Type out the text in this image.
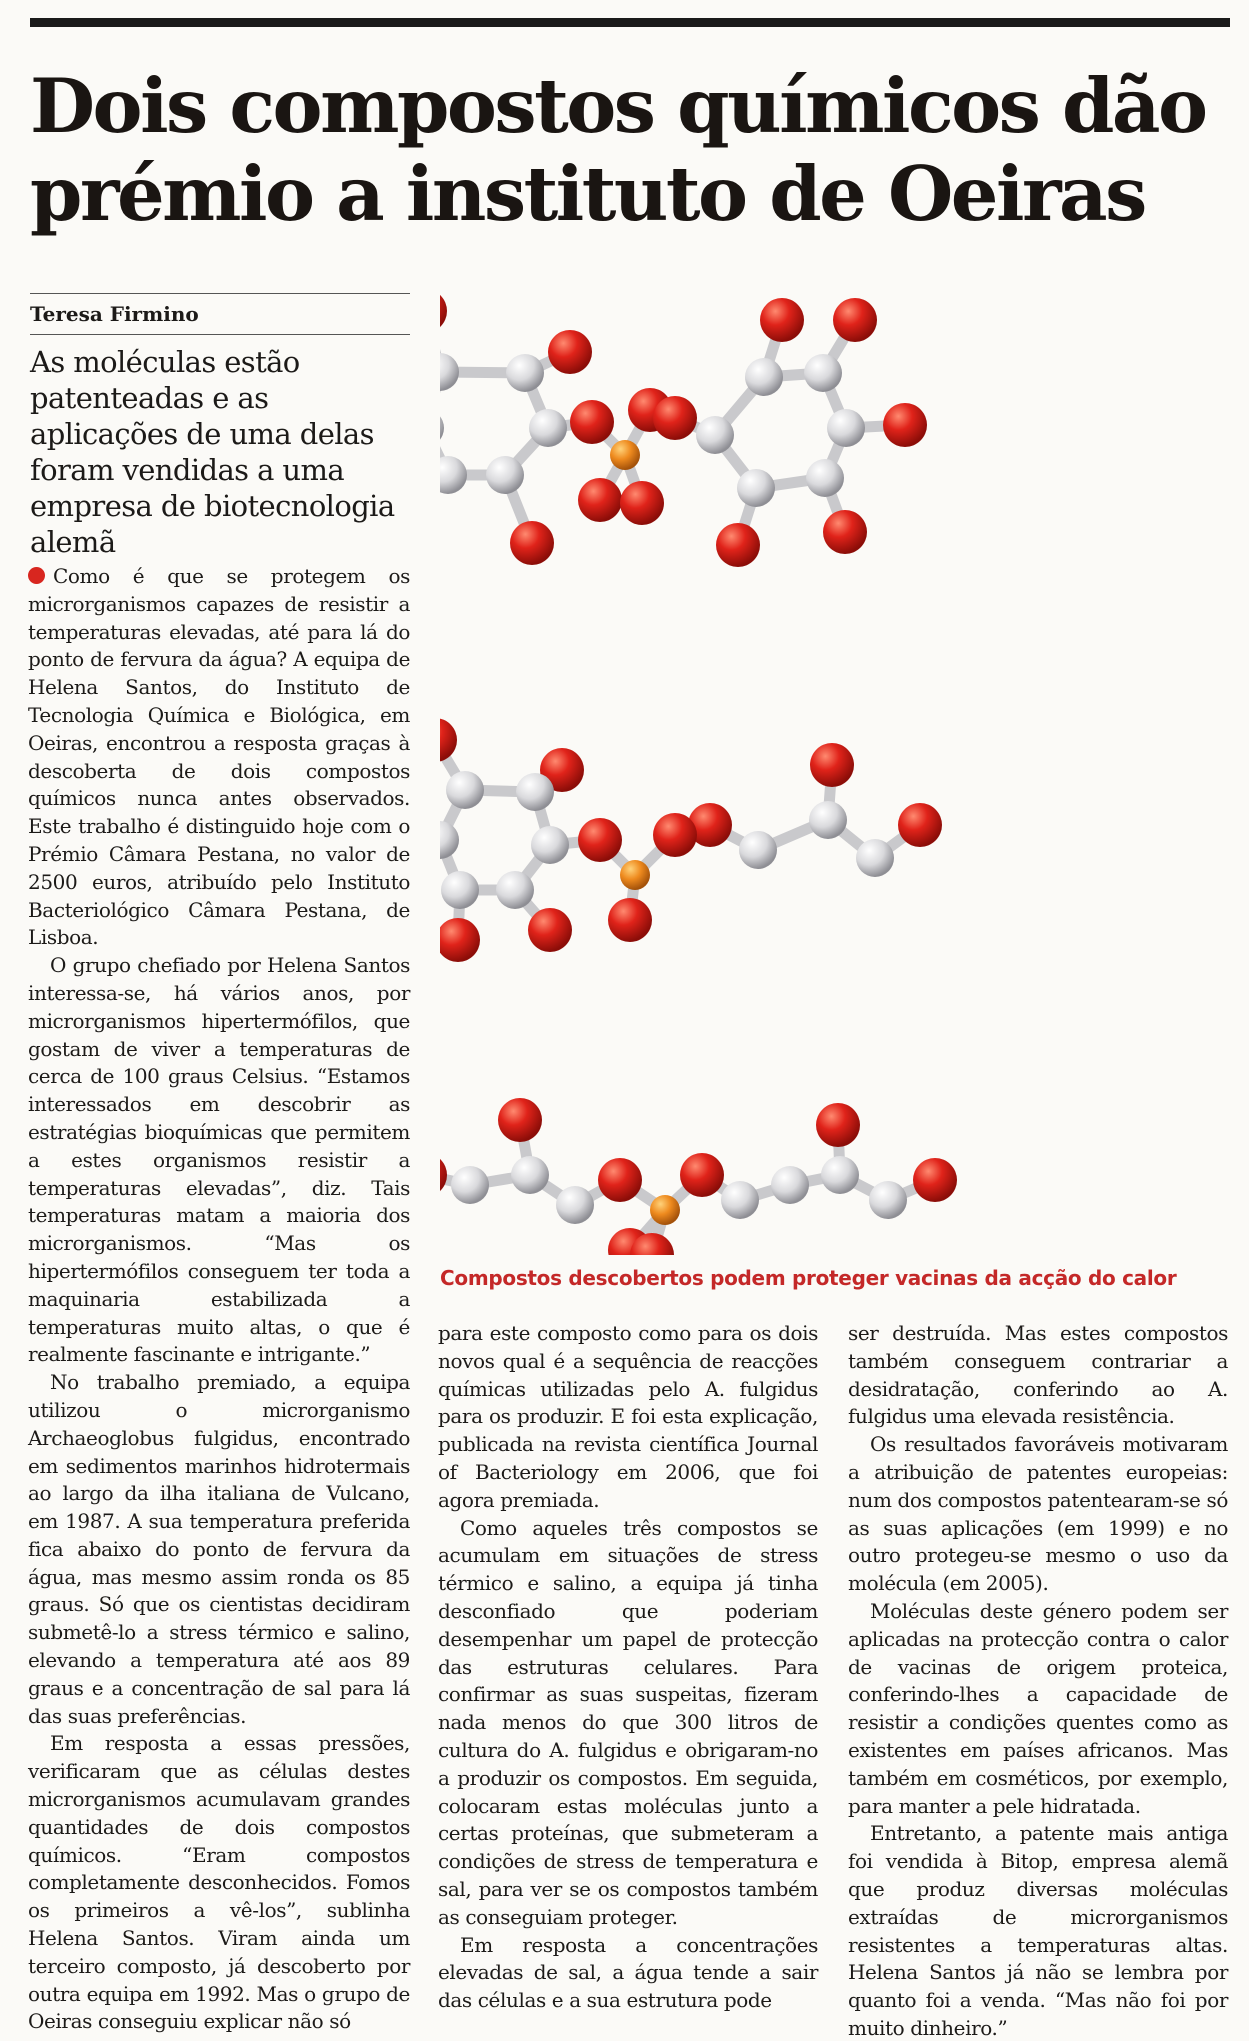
Dois compostos químicos dão
prémio a instituto de Oeiras
Teresa Firmino
As moléculas estão patenteadas e as aplicações de uma delas foram vendidas a uma empresa de biotecnologia alemã

Como é que se protegem os microrganismos capazes de resistir a temperaturas elevadas, até para lá do ponto de fervura da água? A equipa de Helena Santos, do Instituto de Tecnologia Química e Biológica, em Oeiras, encontrou a resposta graças à descoberta de dois compostos químicos nunca antes observados. Este trabalho é distinguido hoje com o Prémio Câmara Pestana, no valor de 2500 euros, atribuído pelo Instituto Bacteriológico Câmara Pestana, de Lisboa.

O grupo chefiado por Helena Santos interessa-se, há vários anos, por microrganismos hipertermófilos, que gostam de viver a temperaturas de cerca de 100 graus Celsius. “Estamos interessados em descobrir as estratégias bioquímicas que permitem a estes organismos resistir a temperaturas elevadas”, diz. Tais temperaturas matam a maioria dos microrganismos. “Mas os hipertermófilos conseguem ter toda a maquinaria estabilizada a temperaturas muito altas, o que é realmente fascinante e intrigante.”

No trabalho premiado, a equipa utilizou o microrganismo Archaeoglobus fulgidus, encontrado em sedimentos marinhos hidrotermais ao largo da ilha italiana de Vulcano, em 1987. A sua temperatura preferida fica abaixo do ponto de fervura da água, mas mesmo assim ronda os 85 graus. Só que os cientistas decidiram submetê-lo a stress térmico e salino, elevando a temperatura até aos 89 graus e a concentração de sal para lá das suas preferências.

Em resposta a essas pressões, verificaram que as células destes microrganismos acumulavam grandes quantidades de dois compostos químicos. “Eram compostos completamente desconhecidos. Fomos os primeiros a vê-los”, sublinha Helena Santos. Viram ainda um terceiro composto, já descoberto por outra equipa em 1992. Mas o grupo de Oeiras conseguiu explicar não só

Compostos descobertos podem proteger vacinas da acção do calor

para este composto como para os dois novos qual é a sequência de reacções químicas utilizadas pelo A. fulgidus para os produzir. E foi esta explicação, publicada na revista científica Journal of Bacteriology em 2006, que foi agora premiada.

Como aqueles três compostos se acumulam em situações de stress térmico e salino, a equipa já tinha desconfiado que poderiam desempenhar um papel de protecção das estruturas celulares. Para confirmar as suas suspeitas, fizeram nada menos do que 300 litros de cultura do A. fulgidus e obrigaram-no a produzir os compostos. Em seguida, colocaram estas moléculas junto a certas proteínas, que submeteram a condições de stress de temperatura e sal, para ver se os compostos também as conseguiam proteger.

Em resposta a concentrações elevadas de sal, a água tende a sair das células e a sua estrutura pode

ser destruída. Mas estes compostos também conseguem contrariar a desidratação, conferindo ao A. fulgidus uma elevada resistência.

Os resultados favoráveis motivaram a atribuição de patentes europeias: num dos compostos patentearam-se só as suas aplicações (em 1999) e no outro protegeu-se mesmo o uso da molécula (em 2005).

Moléculas deste género podem ser aplicadas na protecção contra o calor de vacinas de origem proteica, conferindo-lhes a capacidade de resistir a condições quentes como as existentes em países africanos. Mas também em cosméticos, por exemplo, para manter a pele hidratada.

Entretanto, a patente mais antiga foi vendida à Bitop, empresa alemã que produz diversas moléculas extraídas de microrganismos resistentes a temperaturas altas. Helena Santos já não se lembra por quanto foi a venda. “Mas não foi por muito dinheiro.”
